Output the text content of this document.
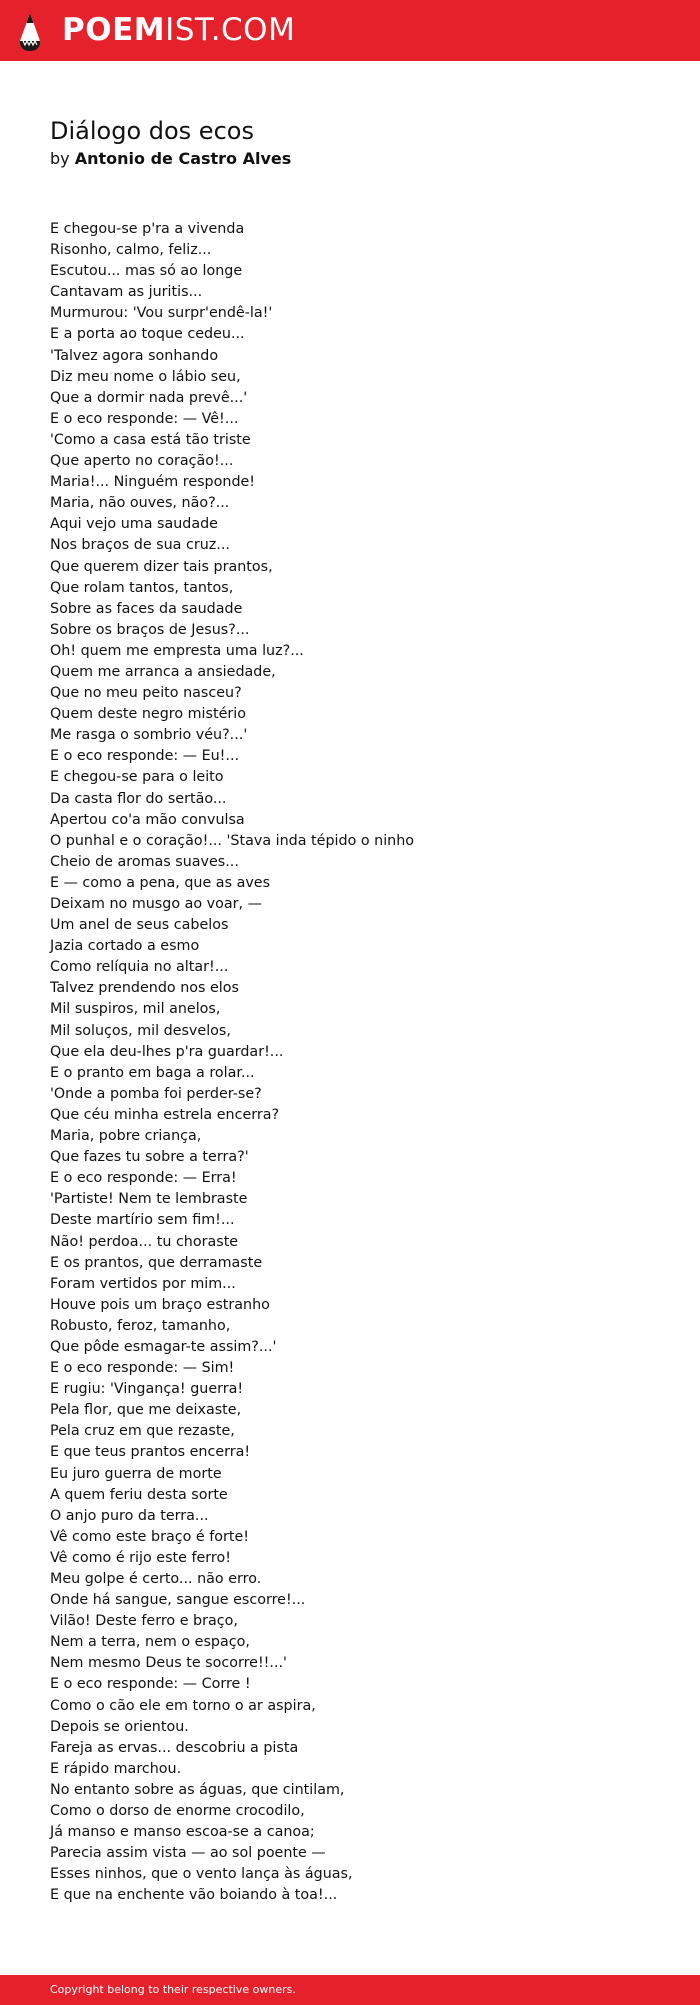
POEMIST.COM
Diálogo dos ecos
by Antonio de Castro Alves
E chegou-se p'ra a vivenda
Risonho, calmo, feliz...
Escutou... mas só ao longe
Cantavam as juritis...
Murmurou: 'Vou surpr'endê-la!'
E a porta ao toque cedeu...
'Talvez agora sonhando
Diz meu nome o lábio seu,
Que a dormir nada prevê...'
E o eco responde: — Vê!...
'Como a casa está tão triste
Que aperto no coração!...
Maria!... Ninguém responde!
Maria, não ouves, não?...
Aqui vejo uma saudade
Nos braços de sua cruz...
Que querem dizer tais prantos,
Que rolam tantos, tantos,
Sobre as faces da saudade
Sobre os braços de Jesus?...
Oh! quem me empresta uma luz?...
Quem me arranca a ansiedade,
Que no meu peito nasceu?
Quem deste negro mistério
Me rasga o sombrio véu?...'
E o eco responde: — Eu!...
E chegou-se para o leito
Da casta flor do sertão...
Apertou co'a mão convulsa
O punhal e o coração!... 'Stava inda tépido o ninho
Cheio de aromas suaves...
E — como a pena, que as aves
Deixam no musgo ao voar, —
Um anel de seus cabelos
Jazia cortado a esmo
Como relíquia no altar!...
Talvez prendendo nos elos
Mil suspiros, mil anelos,
Mil soluços, mil desvelos,
Que ela deu-lhes p'ra guardar!...
E o pranto em baga a rolar...
'Onde a pomba foi perder-se?
Que céu minha estrela encerra?
Maria, pobre criança,
Que fazes tu sobre a terra?'
E o eco responde: — Erra!
'Partiste! Nem te lembraste
Deste martírio sem fim!...
Não! perdoa... tu choraste
E os prantos, que derramaste
Foram vertidos por mim...
Houve pois um braço estranho
Robusto, feroz, tamanho,
Que pôde esmagar-te assim?...'
E o eco responde: — Sim!
E rugiu: 'Vingança! guerra!
Pela flor, que me deixaste,
Pela cruz em que rezaste,
E que teus prantos encerra!
Eu juro guerra de morte
A quem feriu desta sorte
O anjo puro da terra...
Vê como este braço é forte!
Vê como é rijo este ferro!
Meu golpe é certo... não erro.
Onde há sangue, sangue escorre!...
Vilão! Deste ferro e braço,
Nem a terra, nem o espaço,
Nem mesmo Deus te socorre!!...'
E o eco responde: — Corre !
Como o cão ele em torno o ar aspira,
Depois se orientou.
Fareja as ervas... descobriu a pista
E rápido marchou.
No entanto sobre as águas, que cintilam,
Como o dorso de enorme crocodilo,
Já manso e manso escoa-se a canoa;
Parecia assim vista — ao sol poente —
Esses ninhos, que o vento lança às águas,
E que na enchente vão boiando à toa!...
Copyright belong to their respective owners.
